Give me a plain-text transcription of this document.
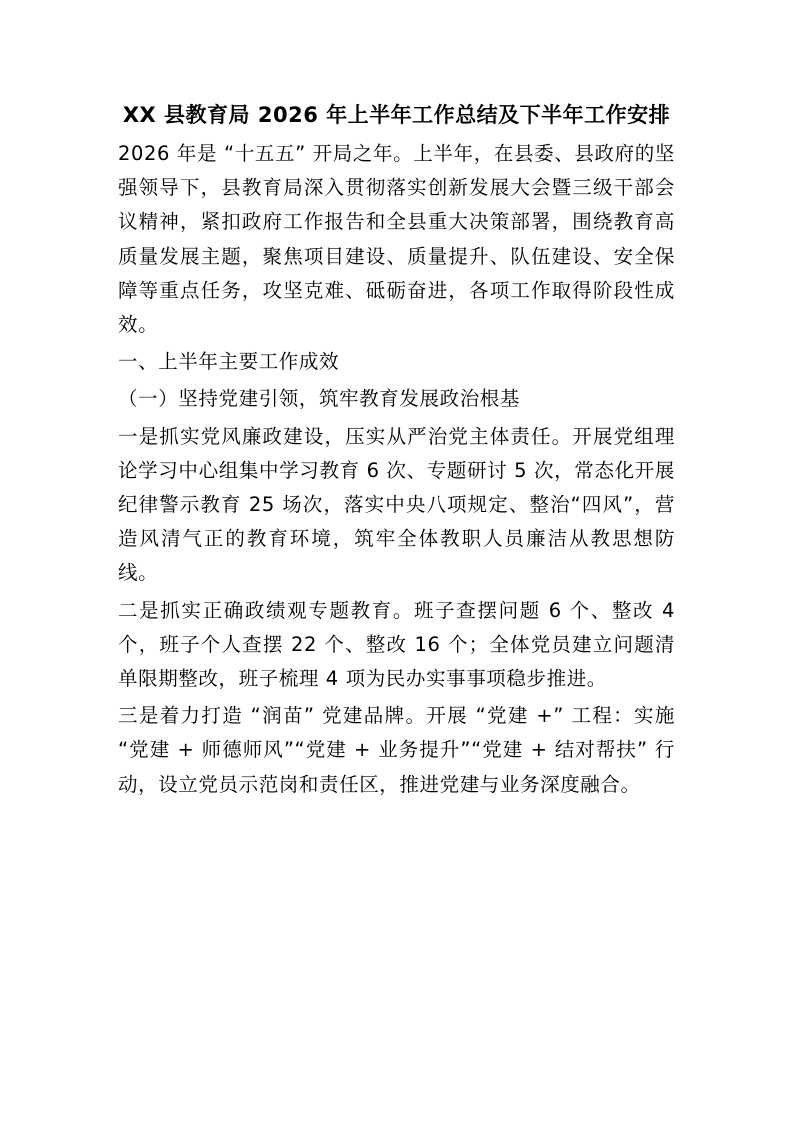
XX 县教育局 2026 年上半年工作总结及下半年工作安排

2026 年是 “十五五” 开局之年。上半年，在县委、县政府的坚强领导下，县教育局深入贯彻落实创新发展大会暨三级干部会议精神，紧扣政府工作报告和全县重大决策部署，围绕教育高质量发展主题，聚焦项目建设、质量提升、队伍建设、安全保障等重点任务，攻坚克难、砥砺奋进，各项工作取得阶段性成效。

一、上半年主要工作成效

（一）坚持党建引领，筑牢教育发展政治根基

一是抓实党风廉政建设，压实从严治党主体责任。开展党组理论学习中心组集中学习教育 6 次、专题研讨 5 次，常态化开展纪律警示教育 25 场次，落实中央八项规定、整治“四风”，营造风清气正的教育环境，筑牢全体教职人员廉洁从教思想防线。

二是抓实正确政绩观专题教育。班子查摆问题 6 个、整改 4 个，班子个人查摆 22 个、整改 16 个；全体党员建立问题清单限期整改，班子梳理 4 项为民办实事事项稳步推进。

三是着力打造 “润苗” 党建品牌。开展 “党建 +” 工程：实施 “党建 + 师德师风”“党建 + 业务提升”“党建 + 结对帮扶” 行动，设立党员示范岗和责任区，推进党建与业务深度融合。
